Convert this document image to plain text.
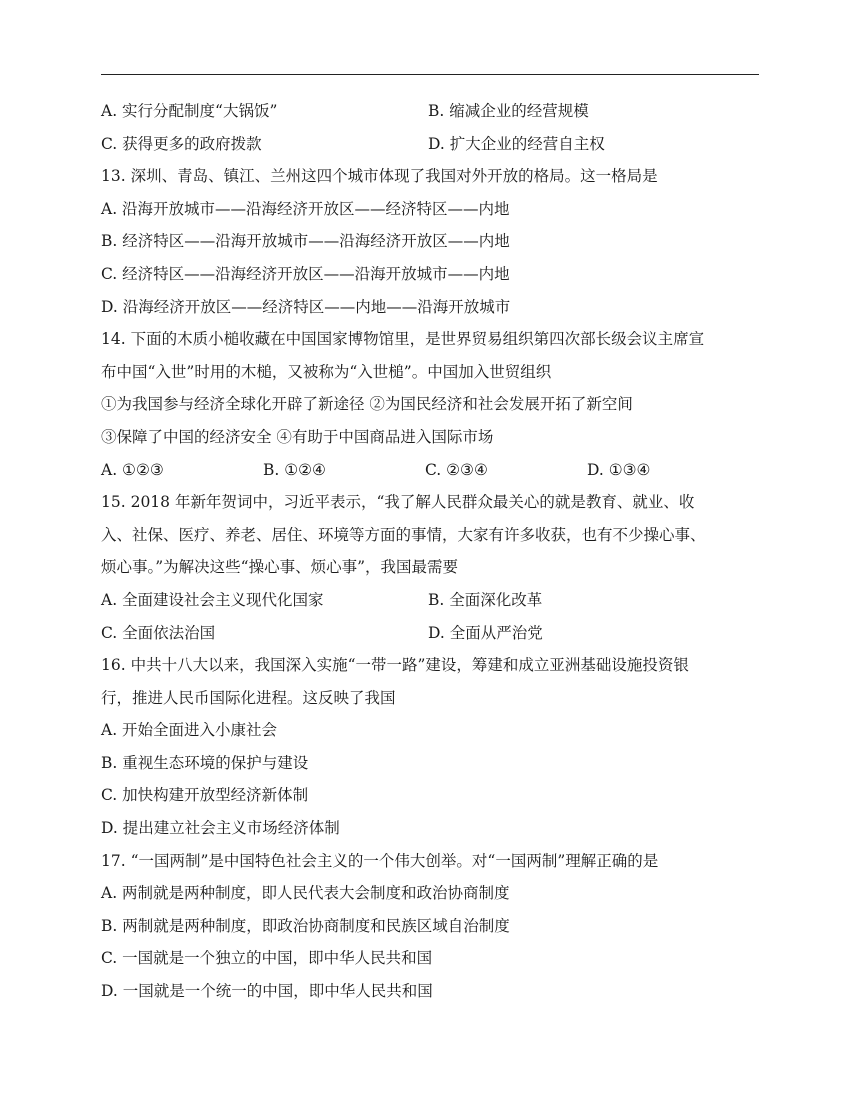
A. 实行分配制度“大锅饭”	B. 缩减企业的经营规模
C. 获得更多的政府拨款	D. 扩大企业的经营自主权
13. 深圳、青岛、镇江、兰州这四个城市体现了我国对外开放的格局。这一格局是
A. 沿海开放城市——沿海经济开放区——经济特区——内地
B. 经济特区——沿海开放城市——沿海经济开放区——内地
C. 经济特区——沿海经济开放区——沿海开放城市——内地
D. 沿海经济开放区——经济特区——内地——沿海开放城市
14. 下面的木质小槌收藏在中国国家博物馆里，是世界贸易组织第四次部长级会议主席宣
布中国“入世”时用的木槌，又被称为“入世槌”。中国加入世贸组织
①为我国参与经济全球化开辟了新途径 ②为国民经济和社会发展开拓了新空间
③保障了中国的经济安全 ④有助于中国商品进入国际市场
A. ①②③	B. ①②④	C. ②③④	D. ①③④
15. 2018 年新年贺词中，习近平表示，“我了解人民群众最关心的就是教育、就业、收
入、社保、医疗、养老、居住、环境等方面的事情，大家有许多收获，也有不少操心事、
烦心事。”为解决这些“操心事、烦心事”，我国最需要
A. 全面建设社会主义现代化国家	B. 全面深化改革
C. 全面依法治国	D. 全面从严治党
16. 中共十八大以来，我国深入实施“一带一路”建设，筹建和成立亚洲基础设施投资银
行，推进人民币国际化进程。这反映了我国
A. 开始全面进入小康社会
B. 重视生态环境的保护与建设
C. 加快构建开放型经济新体制
D. 提出建立社会主义市场经济体制
17. “一国两制”是中国特色社会主义的一个伟大创举。对“一国两制”理解正确的是
A. 两制就是两种制度，即人民代表大会制度和政治协商制度
B. 两制就是两种制度，即政治协商制度和民族区域自治制度
C. 一国就是一个独立的中国，即中华人民共和国
D. 一国就是一个统一的中国，即中华人民共和国
